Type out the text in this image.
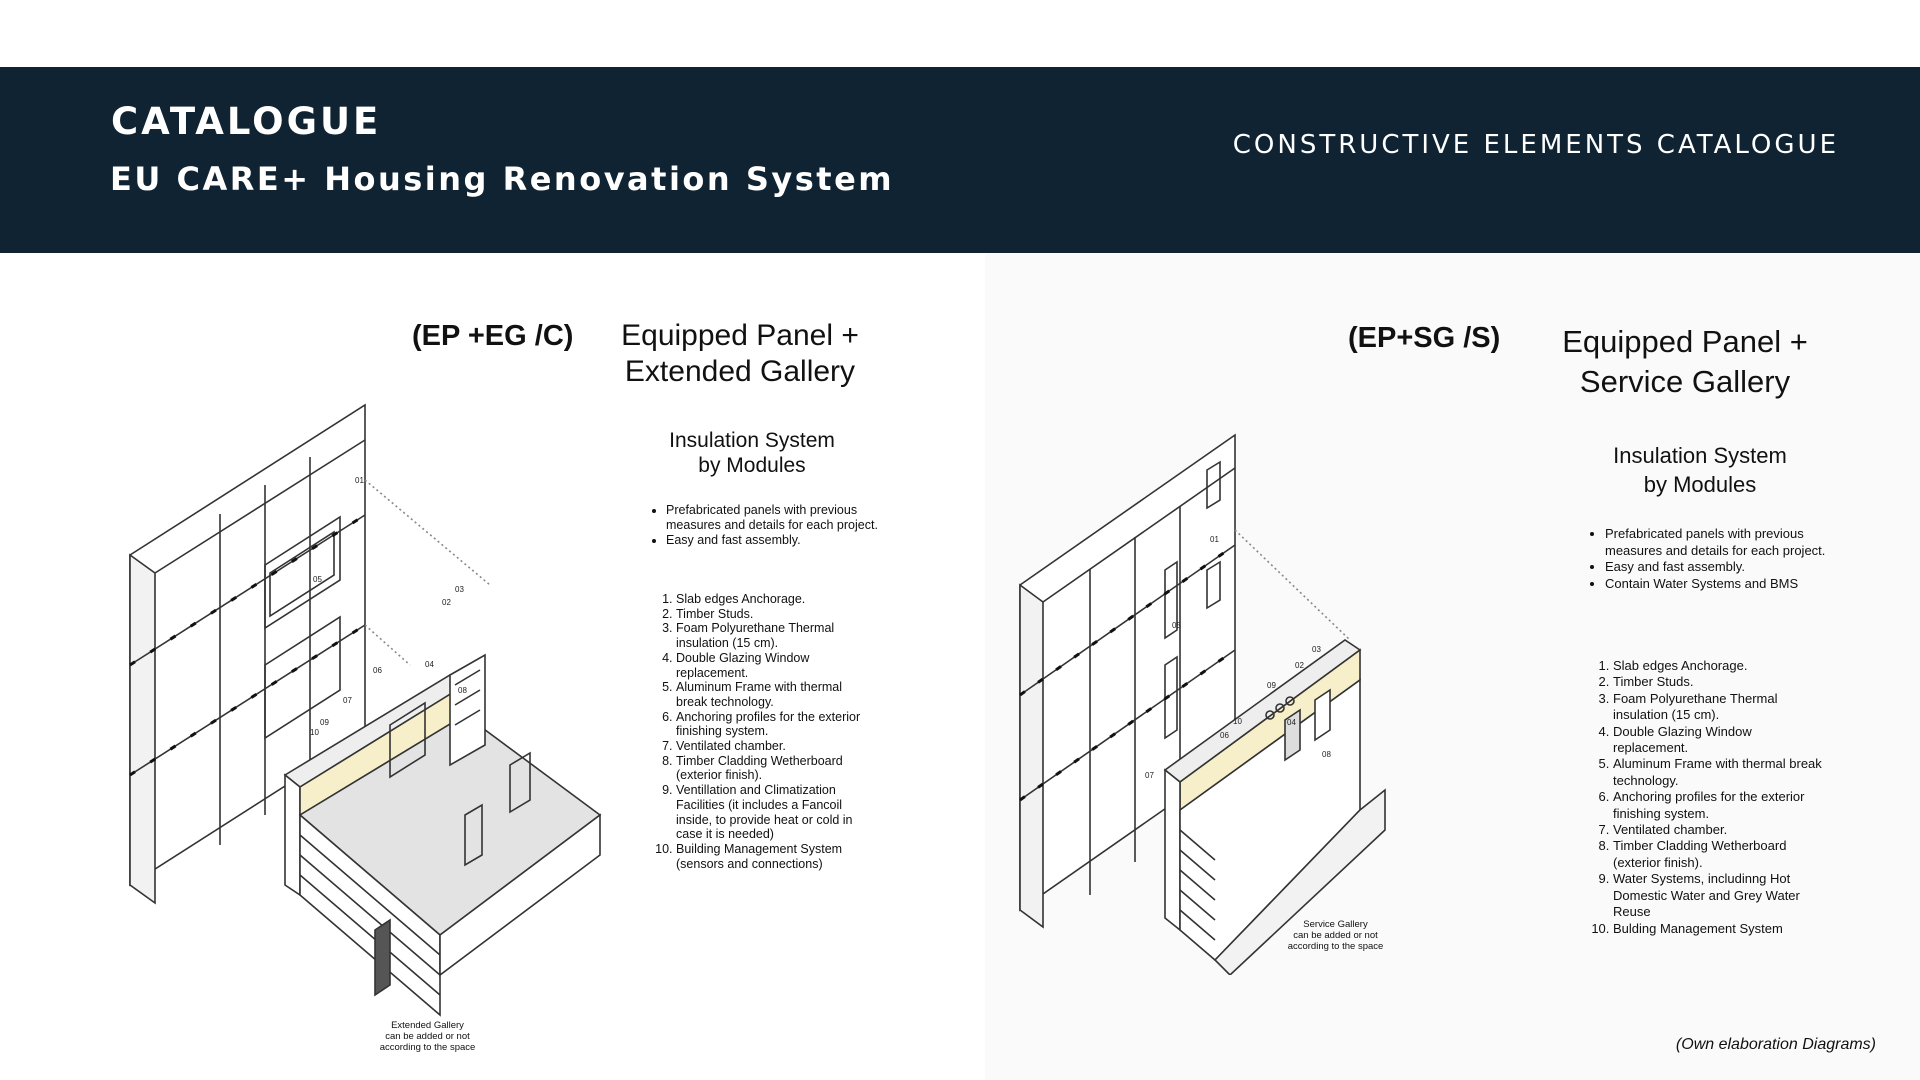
CATALOGUE
EU CARE+ Housing Renovation System
CONSTRUCTIVE ELEMENTS CATALOGUE
(EP +EG /C)	Equipped Panel +
Extended Gallery
Insulation System
by Modules
• Prefabricated panels with previous measures and details for each project.
• Easy and fast assembly.
1. Slab edges Anchorage.
2. Timber Studs.
3. Foam Polyurethane Thermal insulation (15 cm).
4. Double Glazing Window replacement.
5. Aluminum Frame with thermal break technology.
6. Anchoring profiles for the exterior finishing system.
7. Ventilated chamber.
8. Timber Cladding Wetherboard (exterior finish).
9. Ventillation and Climatization Facilities (it includes a Fancoil inside, to provide heat or cold in case it is needed)
10. Building Management System (sensors and connections)
Extended Gallery
can be added or not
according to the space
01
02
03
04
05
06
07
08
09
10
(EP+SG /S)	Equipped Panel +
Service Gallery
Insulation System
by Modules
• Prefabricated panels with previous measures and details for each project.
• Easy and fast assembly.
• Contain Water Systems and BMS
1. Slab edges Anchorage.
2. Timber Studs.
3. Foam Polyurethane Thermal insulation (15 cm).
4. Double Glazing Window replacement.
5. Aluminum Frame with thermal break technology.
6. Anchoring profiles for the exterior finishing system.
7. Ventilated chamber.
8. Timber Cladding Wetherboard (exterior finish).
9. Water Systems, includinng Hot Domestic Water and Grey Water Reuse
10. Bulding Management System
Service Gallery
can be added or not
according to the space
01
02
03
04
05
06
07
08
09
10
(Own elaboration Diagrams)
